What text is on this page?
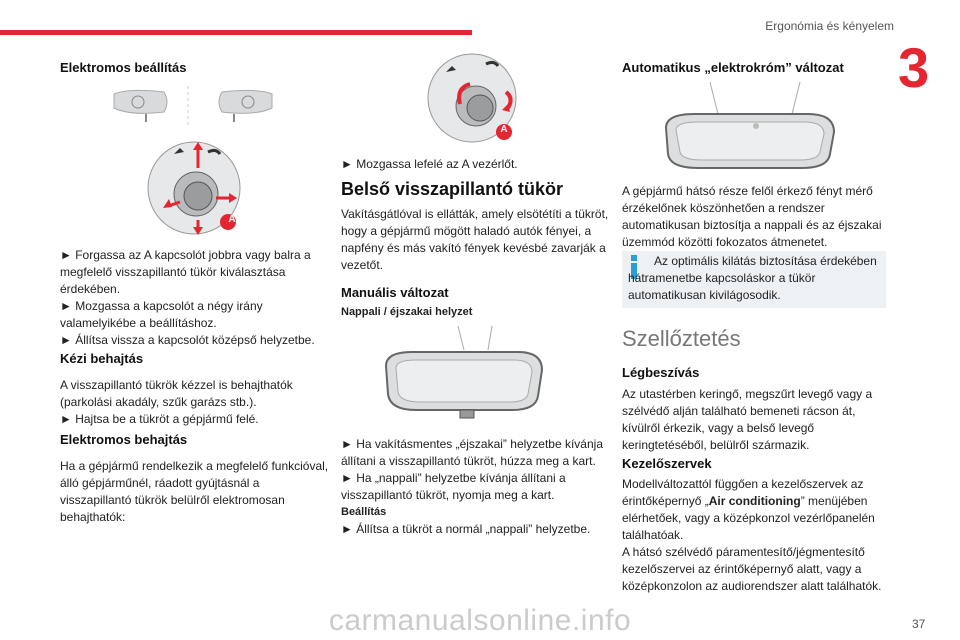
Ergonómia és kényelem
3
37
Elektromos beállítás
A

► Forgassa az A kapcsolót jobbra vagy balra a megfelelő visszapillantó tükör kiválasztása érdekében.

► Mozgassa a kapcsolót a négy irány valamelyikébe a beállításhoz.

► Állítsa vissza a kapcsolót középső helyzetbe.

Kézi behajtás

A visszapillantó tükrök kézzel is behajthatók (parkolási akadály, szűk garázs stb.).

► Hajtsa be a tükröt a gépjármű felé.

Elektromos behajtás
Ha a gépjármű rendelkezik a megfelelő funkcióval, álló gépjárműnél, ráadott gyújtásnál a visszapillantó tükrök belülről elektromosan behajthatók:
A
► Mozgassa lefelé az A vezérlőt.
Belső visszapillantó tükör
Vakításgátlóval is ellátták, amely elsötétíti a tükröt, hogy a gépjármű mögött haladó autók fényei, a napfény és más vakító fények kevésbé zavarják a vezetőt.
Manuális változat
Nappali / éjszakai helyzet

► Ha vakításmentes „éjszakai” helyzetbe kívánja állítani a visszapillantó tükröt, húzza meg a kart.

► Ha „nappali” helyzetbe kívánja állítani a visszapillantó tükröt, nyomja meg a kart.

Beállítás

► Állítsa a tükröt a normál „nappali” helyzetbe.

Automatikus „elektrokróm” változat
A gépjármű hátsó része felől érkező fényt mérő érzékelőnek köszönhetően a rendszer automatikusan biztosítja a nappali és az éjszakai üzemmód közötti fokozatos átmenetet.
Az optimális kilátás biztosítása érdekében hátramenetbe kapcsoláskor a tükör automatikusan kivilágosodik.
Szellőztetés
Légbeszívás
Az utastérben keringő, megszűrt levegő vagy a szélvédő alján található bemeneti rácson át, kívülről érkezik, vagy a belső levegő keringtetéséből, belülről származik.
Kezelőszervek

Modellváltozattól függően a kezelőszervek az érintőképernyő „Air conditioning” menüjében elérhetőek, vagy a középkonzol vezérlőpanelén találhatóak.

A hátsó szélvédő páramentesítő/jégmentesítő kezelőszervei az érintőképernyő alatt, vagy a középkonzolon az audiorendszer alatt találhatók.

carmanualsonline.info
